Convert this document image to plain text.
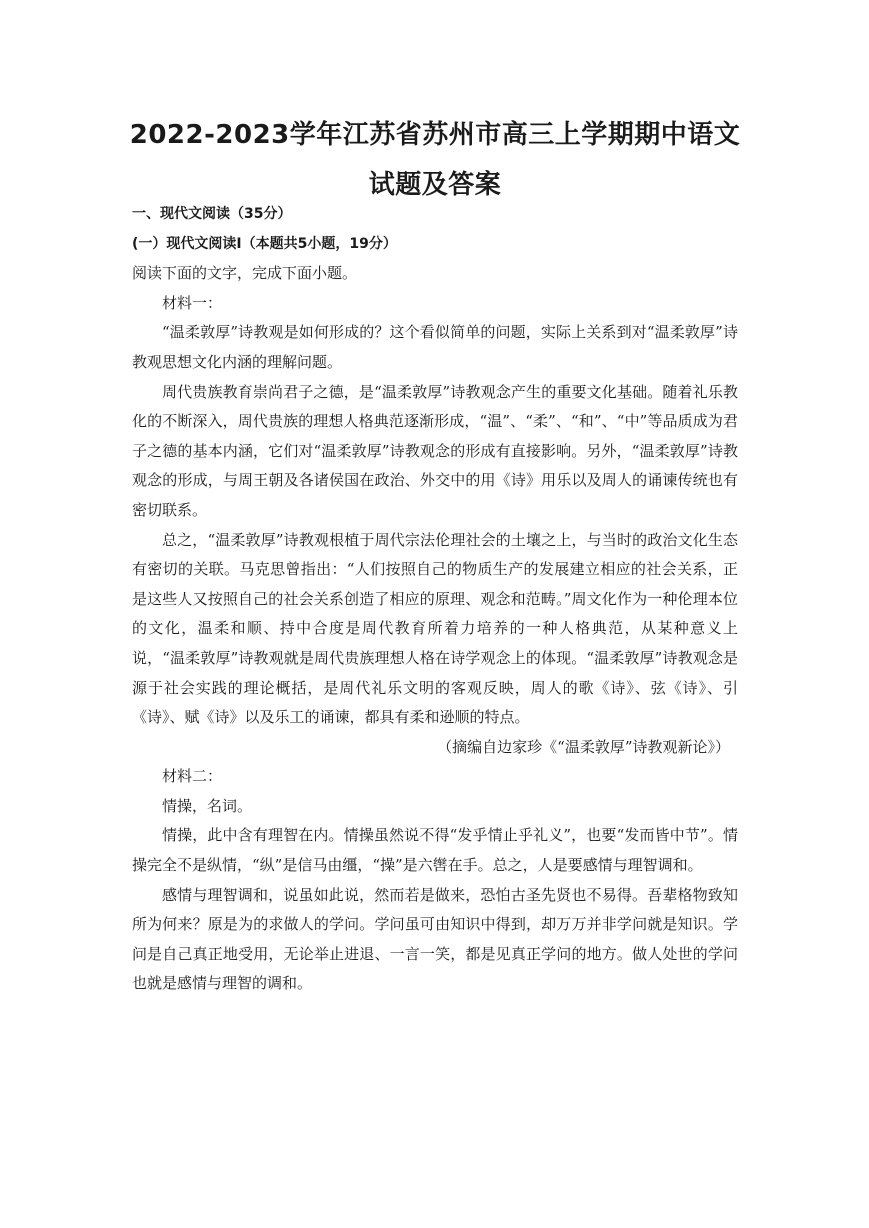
2022-2023学年江苏省苏州市高三上学期期中语文试题及答案

一、现代文阅读（35分）

(一）现代文阅读Ⅰ（本题共5小题，19分）

阅读下面的文字，完成下面小题。

材料一：

“温柔敦厚”诗教观是如何形成的？这个看似简单的问题，实际上关系到对“温柔敦厚”诗教观思想文化内涵的理解问题。

周代贵族教育崇尚君子之德，是“温柔敦厚”诗教观念产生的重要文化基础。随着礼乐教化的不断深入，周代贵族的理想人格典范逐渐形成，“温”、“柔”、“和”、“中”等品质成为君子之德的基本内涵，它们对“温柔敦厚”诗教观念的形成有直接影响。另外，“温柔敦厚”诗教观念的形成，与周王朝及各诸侯国在政治、外交中的用《诗》用乐以及周人的诵谏传统也有密切联系。

总之，“温柔敦厚”诗教观根植于周代宗法伦理社会的土壤之上，与当时的政治文化生态有密切的关联。马克思曾指出：“人们按照自己的物质生产的发展建立相应的社会关系，正是这些人又按照自己的社会关系创造了相应的原理、观念和范畴。”周文化作为一种伦理本位的文化，温柔和顺、持中合度是周代教育所着力培养的一种人格典范，从某种意义上说，“温柔敦厚”诗教观就是周代贵族理想人格在诗学观念上的体现。“温柔敦厚”诗教观念是源于社会实践的理论概括，是周代礼乐文明的客观反映，周人的歌《诗》、弦《诗》、引《诗》、赋《诗》以及乐工的诵谏，都具有柔和逊顺的特点。

（摘编自边家珍《“温柔敦厚”诗教观新论》）

材料二：

情操，名词。

情操，此中含有理智在内。情操虽然说不得“发乎情止乎礼义”，也要“发而皆中节”。情操完全不是纵情，“纵”是信马由缰，“操”是六辔在手。总之，人是要感情与理智调和。

感情与理智调和，说虽如此说，然而若是做来，恐怕古圣先贤也不易得。吾辈格物致知所为何来？原是为的求做人的学问。学问虽可由知识中得到，却万万并非学问就是知识。学问是自己真正地受用，无论举止进退、一言一笑，都是见真正学问的地方。做人处世的学问也就是感情与理智的调和。
